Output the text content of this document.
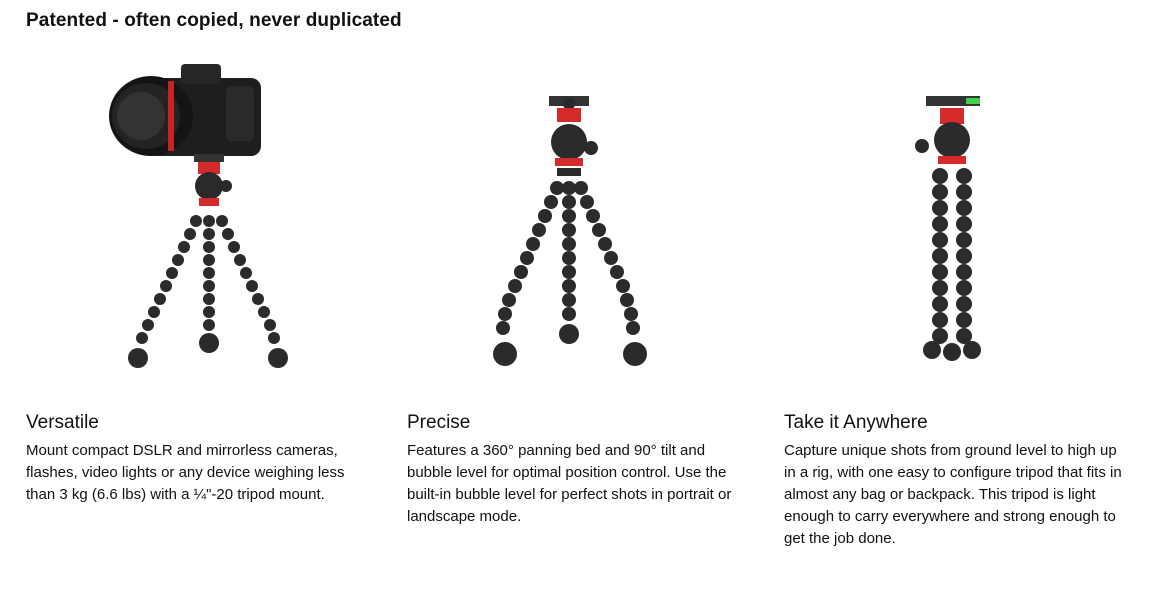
Patented - often copied, never duplicated
Versatile
Mount compact DSLR and mirrorless cameras, flashes, video lights or any device weighing less than 3 kg (6.6 lbs) with a ¼"-20 tripod mount.
Precise
Features a 360° panning bed and 90° tilt and bubble level for optimal position control. Use the built-in bubble level for perfect shots in portrait or landscape mode.
Take it Anywhere
Capture unique shots from ground level to high up in a rig, with one easy to configure tripod that fits in almost any bag or backpack. This tripod is light enough to carry everywhere and strong enough to get the job done.
